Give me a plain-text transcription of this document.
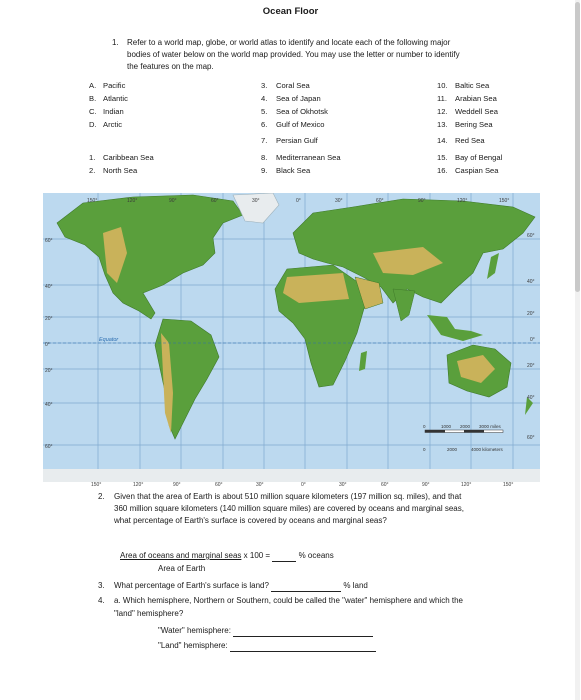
Ocean Floor
1. Refer to a world map, globe, or world atlas to identify and locate each of the following major
bodies of water below on the world map provided. You may use the letter or number to identify
the features on the map.
A. Pacific
B. Atlantic
C. Indian
D. Arctic
1. Caribbean Sea
2. North Sea
3. Coral Sea
4. Sea of Japan
5. Sea of Okhotsk
6. Gulf of Mexico
7. Persian Gulf
8. Mediterranean Sea
9. Black Sea
10. Baltic Sea
11. Arabian Sea
12. Weddell Sea
13. Bering Sea
14. Red Sea
15. Bay of Bengal
16. Caspian Sea
Equator
150°	120°	90°	60°	30°	0°	30°	60°	90°	120°	150°
60°
40°
20°
0°
20°
40°
60°
60°
40°
20°
0°
20°
40°
60°
0	1000 2000 3000 miles
0	2000	4000 kilometers
150°	120°	90°	60°	30°	0°	30°	60°	90°	120°	150°
2. Given that the area of Earth is about 510 million square kilometers (197 million sq. miles), and that
360 million square kilometers (140 million square miles) are covered by oceans and marginal seas,
what percentage of Earth's surface is covered by oceans and marginal seas?
Area of oceans and marginal seas x 100 =	% oceans
Area of Earth
3. What percentage of Earth's surface is land?	% land
4. a. Which hemisphere, Northern or Southern, could be called the "water" hemisphere and which the
"land" hemisphere?
"Water" hemisphere:
"Land" hemisphere:
